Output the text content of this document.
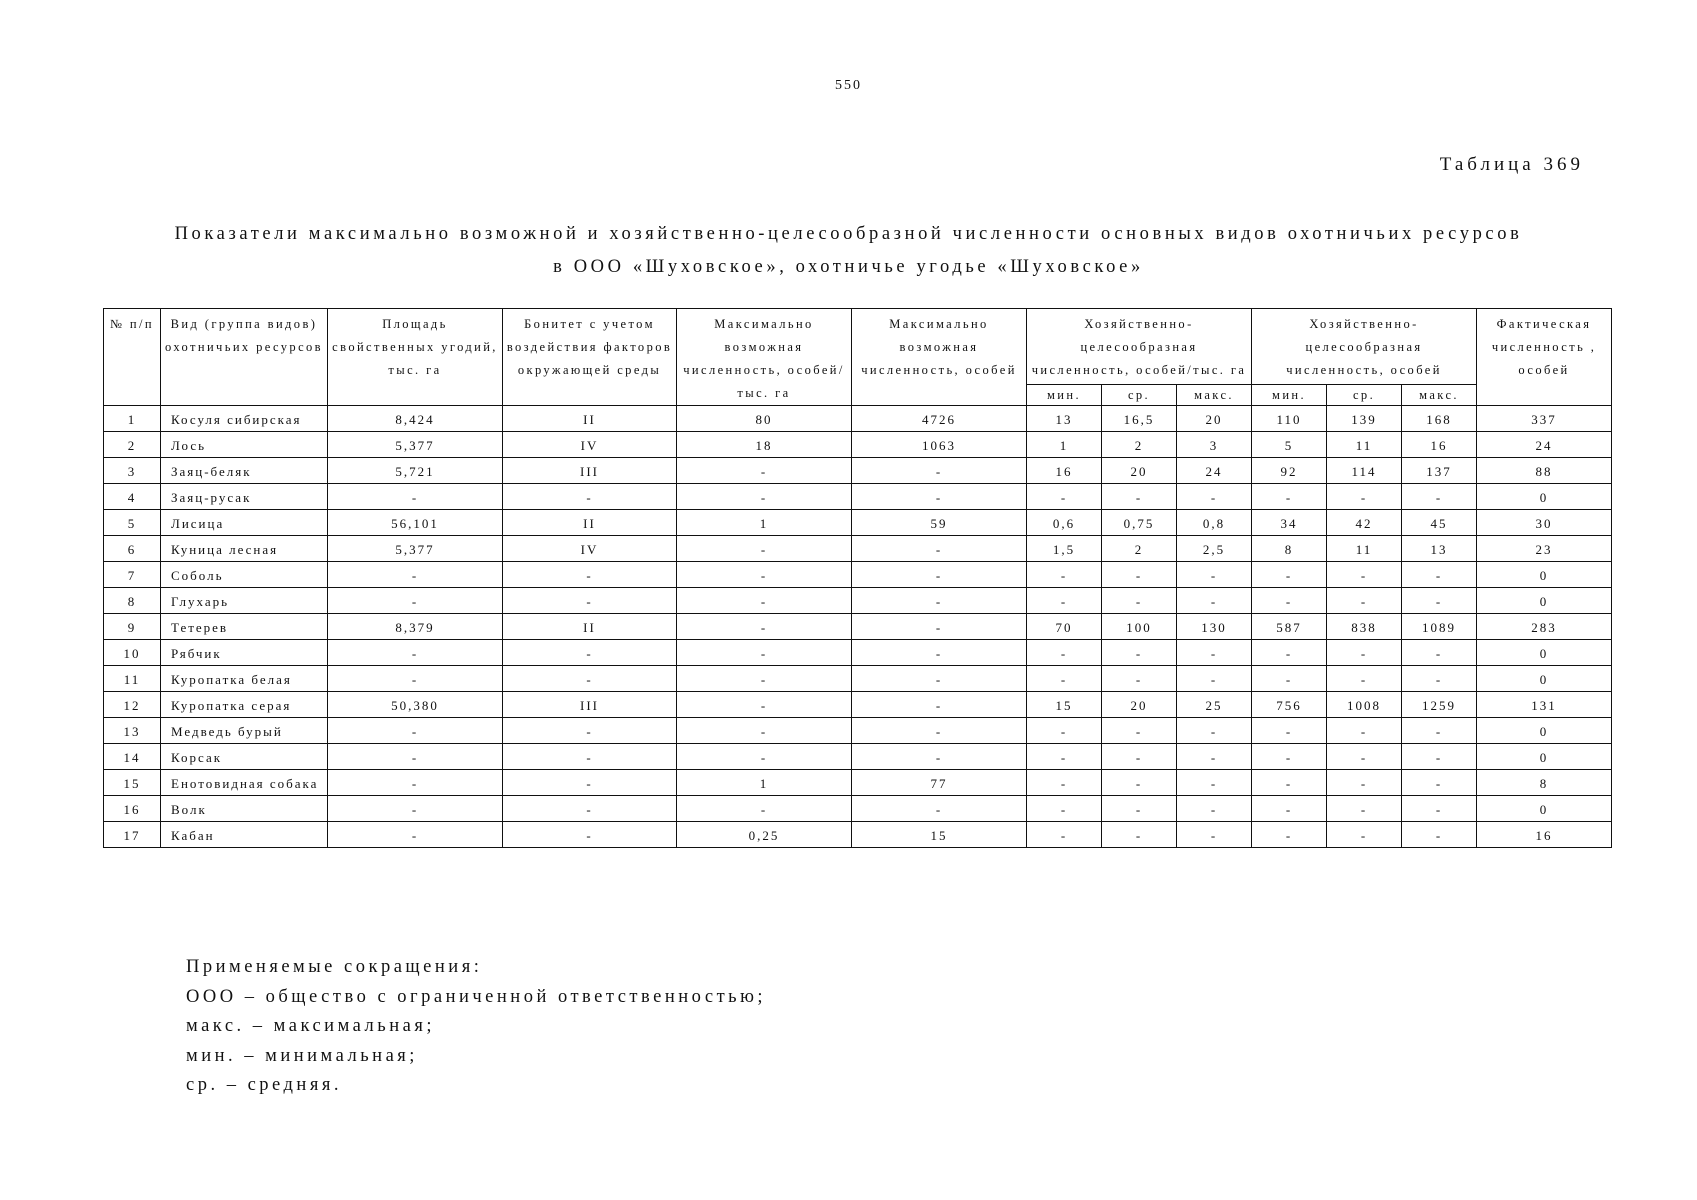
550
Таблица 369
Показатели максимально возможной и хозяйственно-целесообразной численности основных видов охотничьих ресурсов
в ООО «Шуховское», охотничье угодье «Шуховское»
№ п/п	Вид (группа видов) охотничьих ресурсов	Площадь свойственных угодий, тыс. га	Бонитет с учетом воздействия факторов окружающей среды	Максимально возможная численность, особей/тыс. га	Максимально возможная численность, особей	Хозяйственно-целесообразная численность, особей/тыс. га			Хозяйственно-целесообразная численность, особей			Фактическая численность , особей
						мин.	ср.	макс.	мин.	ср.	макс.	
1	Косуля сибирская	8,424	II	80	4726	13	16,5	20	110	139	168	337
2	Лось	5,377	IV	18	1063	1	2	3	5	11	16	24
3	Заяц-беляк	5,721	III	-	-	16	20	24	92	114	137	88
4	Заяц-русак	-	-	-	-	-	-	-	-	-	-	0
5	Лисица	56,101	II	1	59	0,6	0,75	0,8	34	42	45	30
6	Куница лесная	5,377	IV	-	-	1,5	2	2,5	8	11	13	23
7	Соболь	-	-	-	-	-	-	-	-	-	-	0
8	Глухарь	-	-	-	-	-	-	-	-	-	-	0
9	Тетерев	8,379	II	-	-	70	100	130	587	838	1089	283
10	Рябчик	-	-	-	-	-	-	-	-	-	-	0
11	Куропатка белая	-	-	-	-	-	-	-	-	-	-	0
12	Куропатка серая	50,380	III	-	-	15	20	25	756	1008	1259	131
13	Медведь бурый	-	-	-	-	-	-	-	-	-	-	0
14	Корсак	-	-	-	-	-	-	-	-	-	-	0
15	Енотовидная собака	-	-	1	77	-	-	-	-	-	-	8
16	Волк	-	-	-	-	-	-	-	-	-	-	0
17	Кабан	-	-	0,25	15	-	-	-	-	-	-	16
Применяемые сокращения:
ООО – общество с ограниченной ответственностью;
макс. – максимальная;
мин. – минимальная;
ср. – средняя.
